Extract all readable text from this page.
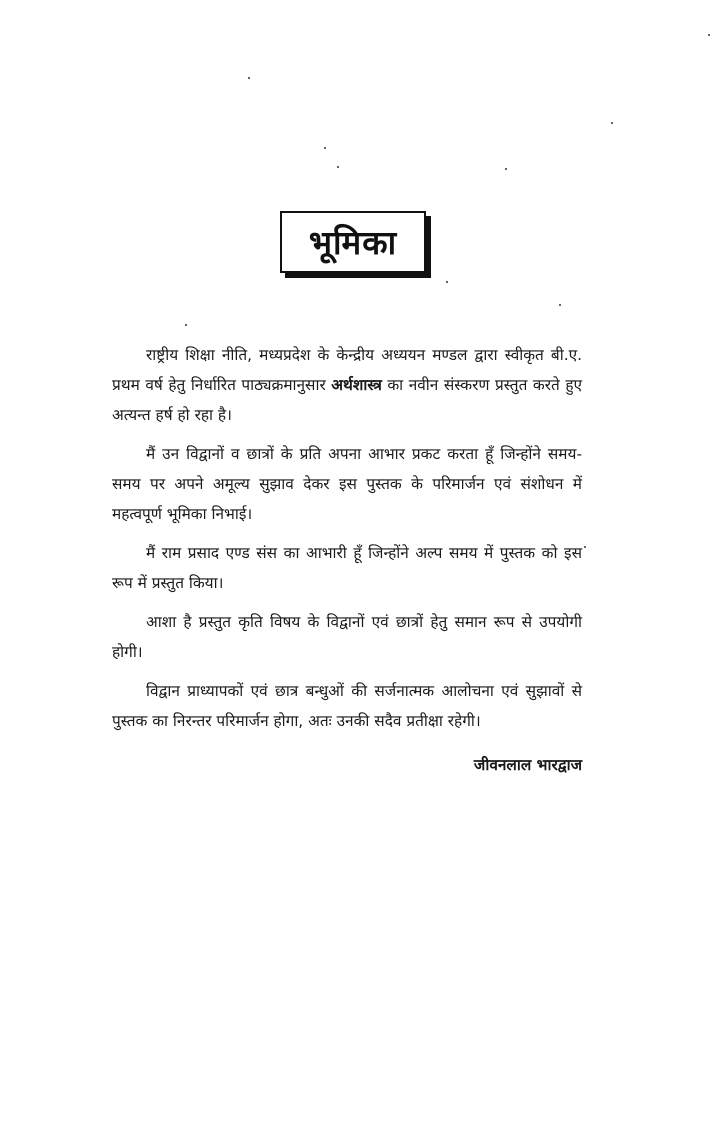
भूमिका

राष्ट्रीय शिक्षा नीति, मध्यप्रदेश के केन्द्रीय अध्ययन मण्डल द्वारा स्वीकृत बी.ए. प्रथम वर्ष हेतु निर्धारित पाठ्यक्रमानुसार अर्थशास्त्र का नवीन संस्करण प्रस्तुत करते हुए अत्यन्त हर्ष हो रहा है।

मैं उन विद्वानों व छात्रों के प्रति अपना आभार प्रकट करता हूँ जिन्होंने समय-समय पर अपने अमूल्य सुझाव देकर इस पुस्तक के परिमार्जन एवं संशोधन में महत्वपूर्ण भूमिका निभाई।

मैं राम प्रसाद एण्ड संस का आभारी हूँ जिन्होंने अल्प समय में पुस्तक को इस रूप में प्रस्तुत किया।

आशा है प्रस्तुत कृति विषय के विद्वानों एवं छात्रों हेतु समान रूप से उपयोगी होगी।

विद्वान प्राध्यापकों एवं छात्र बन्धुओं की सर्जनात्मक आलोचना एवं सुझावों से पुस्तक का निरन्तर परिमार्जन होगा, अतः उनकी सदैव प्रतीक्षा रहेगी।

जीवनलाल भारद्वाज
